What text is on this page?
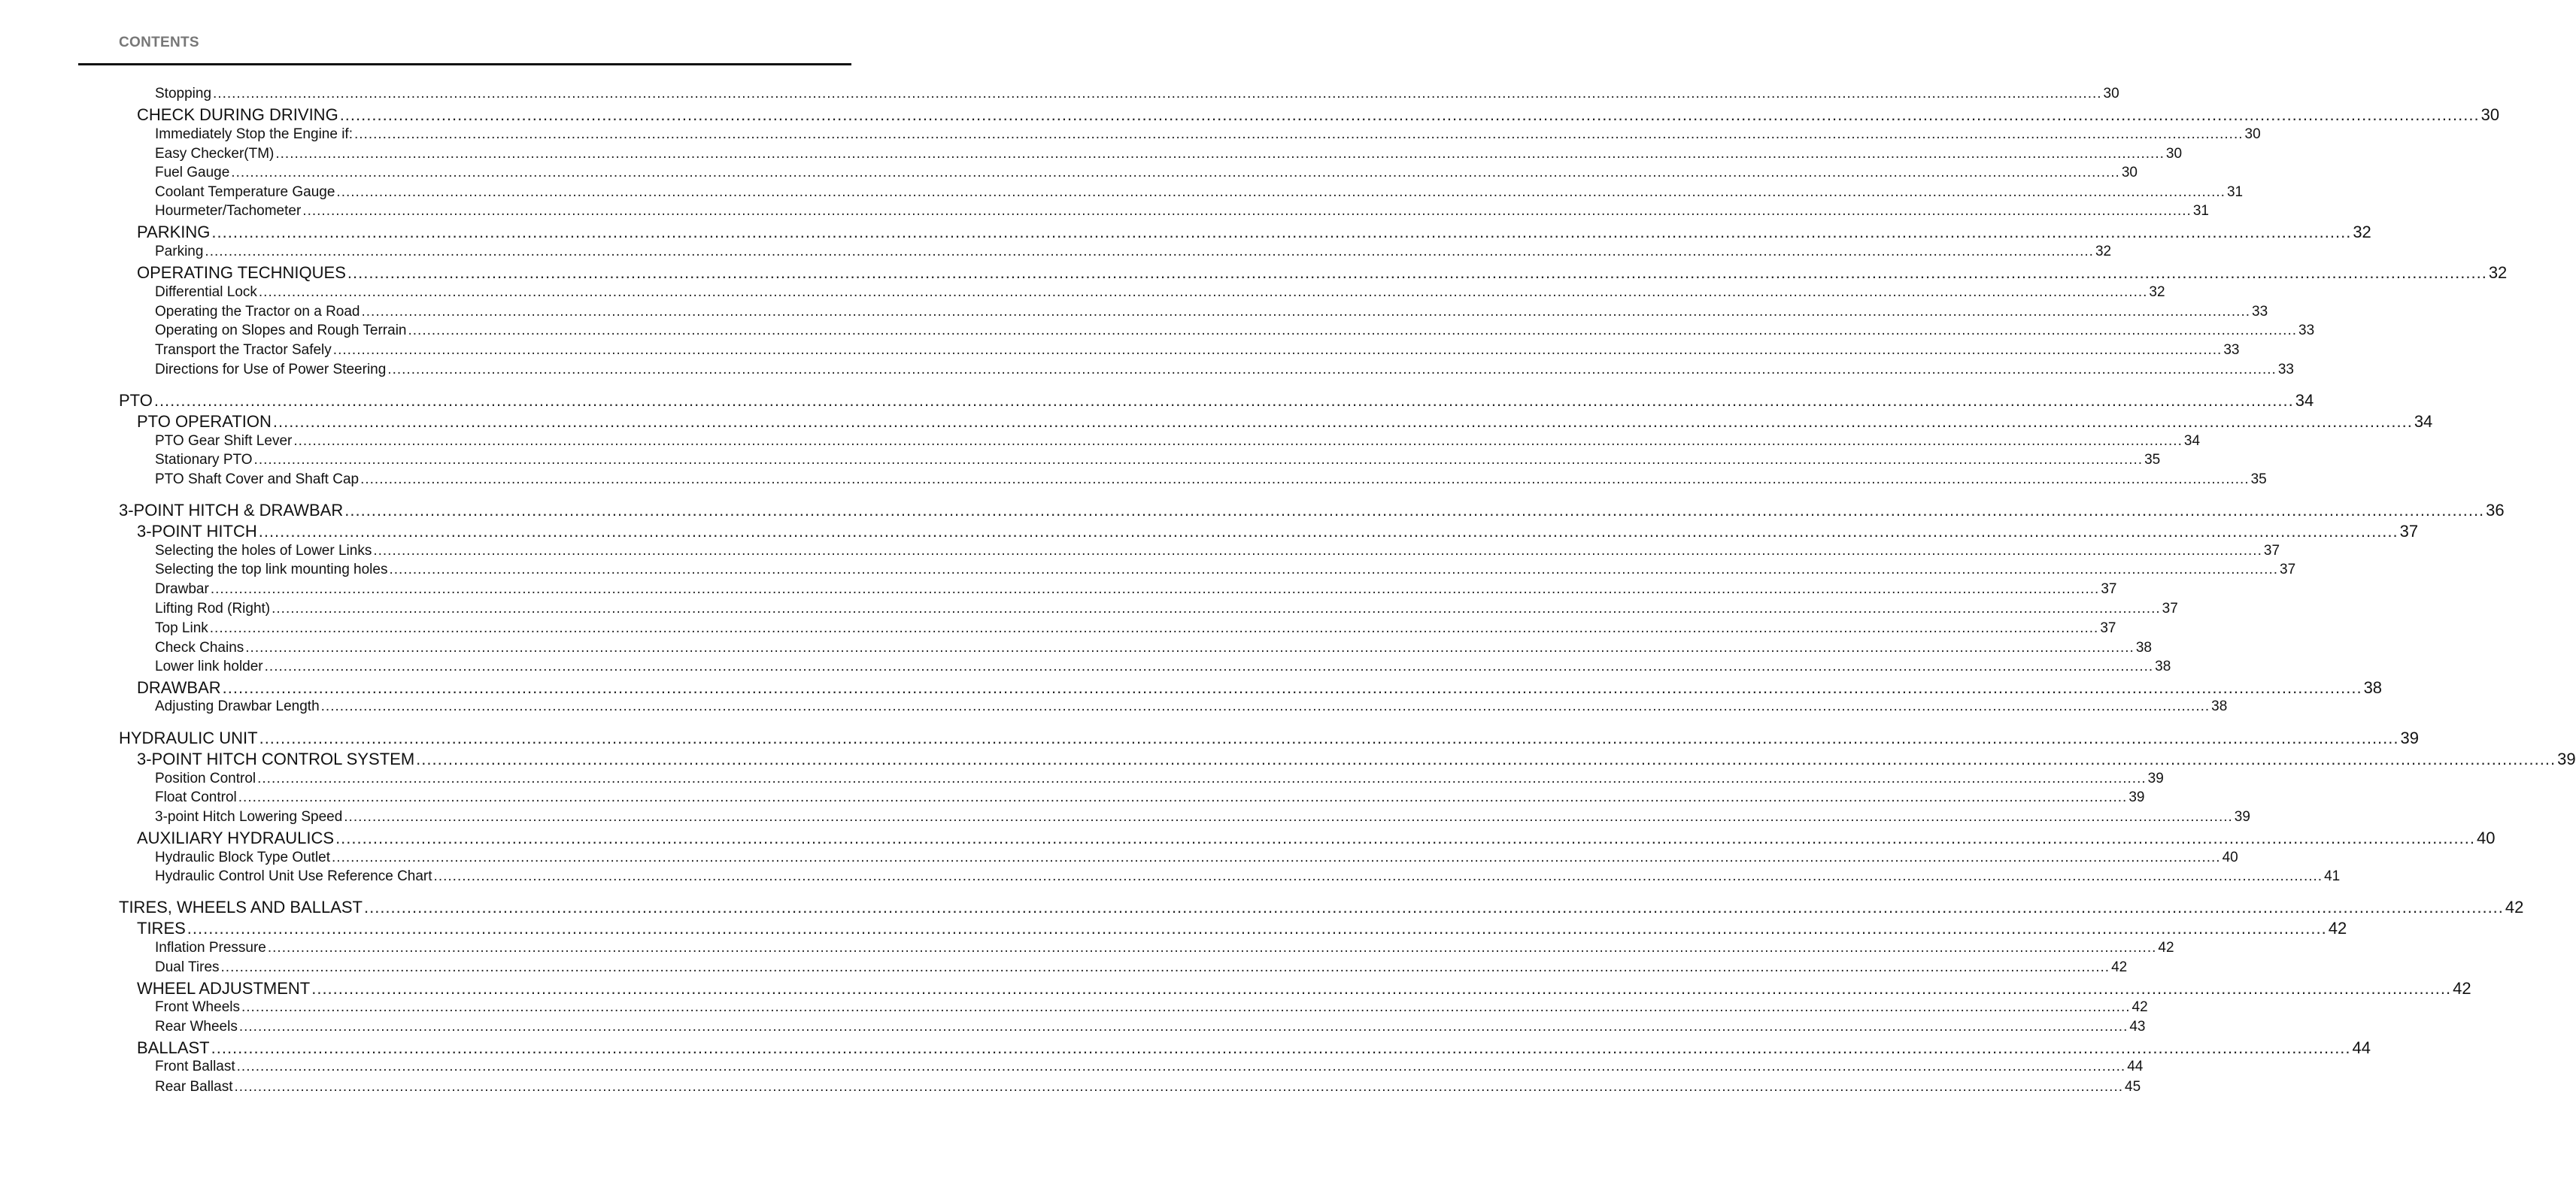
CONTENTS
Stopping ................................................................................................................................................................................................................................................................................................................................................................................................................ 30
CHECK DURING DRIVING ................................................................................................................................................................................................................................................................................................................................................................................................................ 30
Immediately Stop the Engine if: ................................................................................................................................................................................................................................................................................................................................................................................................................ 30
Easy Checker(TM) ................................................................................................................................................................................................................................................................................................................................................................................................................ 30
Fuel Gauge ................................................................................................................................................................................................................................................................................................................................................................................................................ 30
Coolant Temperature Gauge ................................................................................................................................................................................................................................................................................................................................................................................................................ 31
Hourmeter/Tachometer ................................................................................................................................................................................................................................................................................................................................................................................................................ 31
PARKING ................................................................................................................................................................................................................................................................................................................................................................................................................ 32
Parking ................................................................................................................................................................................................................................................................................................................................................................................................................ 32
OPERATING TECHNIQUES ................................................................................................................................................................................................................................................................................................................................................................................................................ 32
Differential Lock ................................................................................................................................................................................................................................................................................................................................................................................................................ 32
Operating the Tractor on a Road ................................................................................................................................................................................................................................................................................................................................................................................................................ 33
Operating on Slopes and Rough Terrain ................................................................................................................................................................................................................................................................................................................................................................................................................ 33
Transport the Tractor Safely ................................................................................................................................................................................................................................................................................................................................................................................................................ 33
Directions for Use of Power Steering ................................................................................................................................................................................................................................................................................................................................................................................................................ 33
PTO ................................................................................................................................................................................................................................................................................................................................................................................................................ 34
PTO OPERATION ................................................................................................................................................................................................................................................................................................................................................................................................................ 34
PTO Gear Shift Lever ................................................................................................................................................................................................................................................................................................................................................................................................................ 34
Stationary PTO ................................................................................................................................................................................................................................................................................................................................................................................................................ 35
PTO Shaft Cover and Shaft Cap ................................................................................................................................................................................................................................................................................................................................................................................................................ 35
3-POINT HITCH & DRAWBAR ................................................................................................................................................................................................................................................................................................................................................................................................................ 36
3-POINT HITCH ................................................................................................................................................................................................................................................................................................................................................................................................................ 37
Selecting the holes of Lower Links ................................................................................................................................................................................................................................................................................................................................................................................................................ 37
Selecting the top link mounting holes ................................................................................................................................................................................................................................................................................................................................................................................................................ 37
Drawbar ................................................................................................................................................................................................................................................................................................................................................................................................................ 37
Lifting Rod (Right) ................................................................................................................................................................................................................................................................................................................................................................................................................ 37
Top Link ................................................................................................................................................................................................................................................................................................................................................................................................................ 37
Check Chains ................................................................................................................................................................................................................................................................................................................................................................................................................ 38
Lower link holder ................................................................................................................................................................................................................................................................................................................................................................................................................ 38
DRAWBAR ................................................................................................................................................................................................................................................................................................................................................................................................................ 38
Adjusting Drawbar Length ................................................................................................................................................................................................................................................................................................................................................................................................................ 38
HYDRAULIC UNIT ................................................................................................................................................................................................................................................................................................................................................................................................................ 39
3-POINT HITCH CONTROL SYSTEM ................................................................................................................................................................................................................................................................................................................................................................................................................ 39
Position Control ................................................................................................................................................................................................................................................................................................................................................................................................................ 39
Float Control ................................................................................................................................................................................................................................................................................................................................................................................................................ 39
3-point Hitch Lowering Speed ................................................................................................................................................................................................................................................................................................................................................................................................................ 39
AUXILIARY HYDRAULICS ................................................................................................................................................................................................................................................................................................................................................................................................................ 40
Hydraulic Block Type Outlet ................................................................................................................................................................................................................................................................................................................................................................................................................ 40
Hydraulic Control Unit Use Reference Chart ................................................................................................................................................................................................................................................................................................................................................................................................................ 41
TIRES, WHEELS AND BALLAST ................................................................................................................................................................................................................................................................................................................................................................................................................ 42
TIRES ................................................................................................................................................................................................................................................................................................................................................................................................................ 42
Inflation Pressure ................................................................................................................................................................................................................................................................................................................................................................................................................ 42
Dual Tires ................................................................................................................................................................................................................................................................................................................................................................................................................ 42
WHEEL ADJUSTMENT ................................................................................................................................................................................................................................................................................................................................................................................................................ 42
Front Wheels ................................................................................................................................................................................................................................................................................................................................................................................................................ 42
Rear Wheels ................................................................................................................................................................................................................................................................................................................................................................................................................ 43
BALLAST ................................................................................................................................................................................................................................................................................................................................................................................................................ 44
Front Ballast ................................................................................................................................................................................................................................................................................................................................................................................................................ 44
Rear Ballast ................................................................................................................................................................................................................................................................................................................................................................................................................ 45
